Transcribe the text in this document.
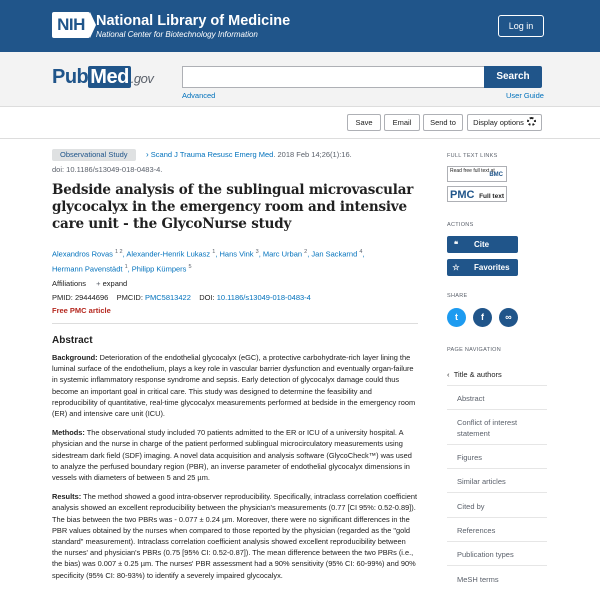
NIH National Library of Medicine
National Center for Biotechnology Information
Log in
Pub Med .gov	Search
Advanced	User Guide
Save	Email	Send to	Display options
Observational Study	› Scand J Trauma Resusc Emerg Med. 2018 Feb 14;26(1):16.
doi: 10.1186/s13049-018-0483-4.
Bedside analysis of the sublingual microvascular glycocalyx in the emergency room and intensive care unit - the GlycoNurse study
Alexandros Rovas $^{1 2}$, Alexander-Henrik Lukasz $^1$, Hans Vink $^3$, Marc Urban $^2$, Jan Sackarnd $^4$,
Hermann Pavenstädt $^1$, Philipp Kümpers $^5$
Affiliations + expand
PMID: 29444696 PMCID: PMC5813422 DOI: 10.1186/s13049-018-0483-4
Free PMC article
Abstract

Background: Deterioration of the endothelial glycocalyx (eGC), a protective carbohydrate-rich layer lining the luminal surface of the endothelium, plays a key role in vascular barrier dysfunction and eventually organ-failure in systemic inflammatory response syndrome and sepsis. Early detection of glycocalyx damage could thus become an important goal in critical care. This study was designed to determine the feasibility and reproducibility of quantitative, real-time glycocalyx measurements performed at bedside in the emergency room (ER) and intensive care unit (ICU).

Methods: The observational study included 70 patients admitted to the ER or ICU of a university hospital. A physician and the nurse in charge of the patient performed sublingual microcirculatory measurements using sidestream dark field (SDF) imaging. A novel data acquisition and analysis software (GlycoCheck™) was used to analyze the perfused boundary region (PBR), an inverse parameter of endothelial glycocalyx dimensions in vessels with diameters of between 5 and 25 µm.

Results: The method showed a good intra-observer reproducibility. Specifically, intraclass correlation coefficient analysis showed an excellent reproducibility between the physician's measurements (0.77 [CI 95%: 0.52-0.89]). The bias between the two PBRs was - 0.077 ± 0.24 µm. Moreover, there were no significant differences in the PBR values obtained by the nurses when compared to those reported by the physician (regarded as the "gold standard" measurement). Intraclass correlation coefficient analysis showed excellent reproducibility between the nurses' and physician's PBRs (0.75 [95% CI: 0.52-0.87]). The mean difference between the two PBRs (i.e., the bias) was 0.007 ± 0.25 µm. The nurses' PBR assessment had a 90% sensitivity (95% CI: 60-99%) and 90% specificity (95% CI: 80-93%) to identify a severely impaired glycocalyx.

FULL TEXT LINKS
Read free full text at
BMC
PMC Full text
ACTIONS
❝ Cite
☆ Favorites
SHARE
t	f	∞
PAGE NAVIGATION
‹  Title & authors
Abstract
Conflict of interest statement
Figures
Similar articles
Cited by
References
Publication types
MeSH terms
